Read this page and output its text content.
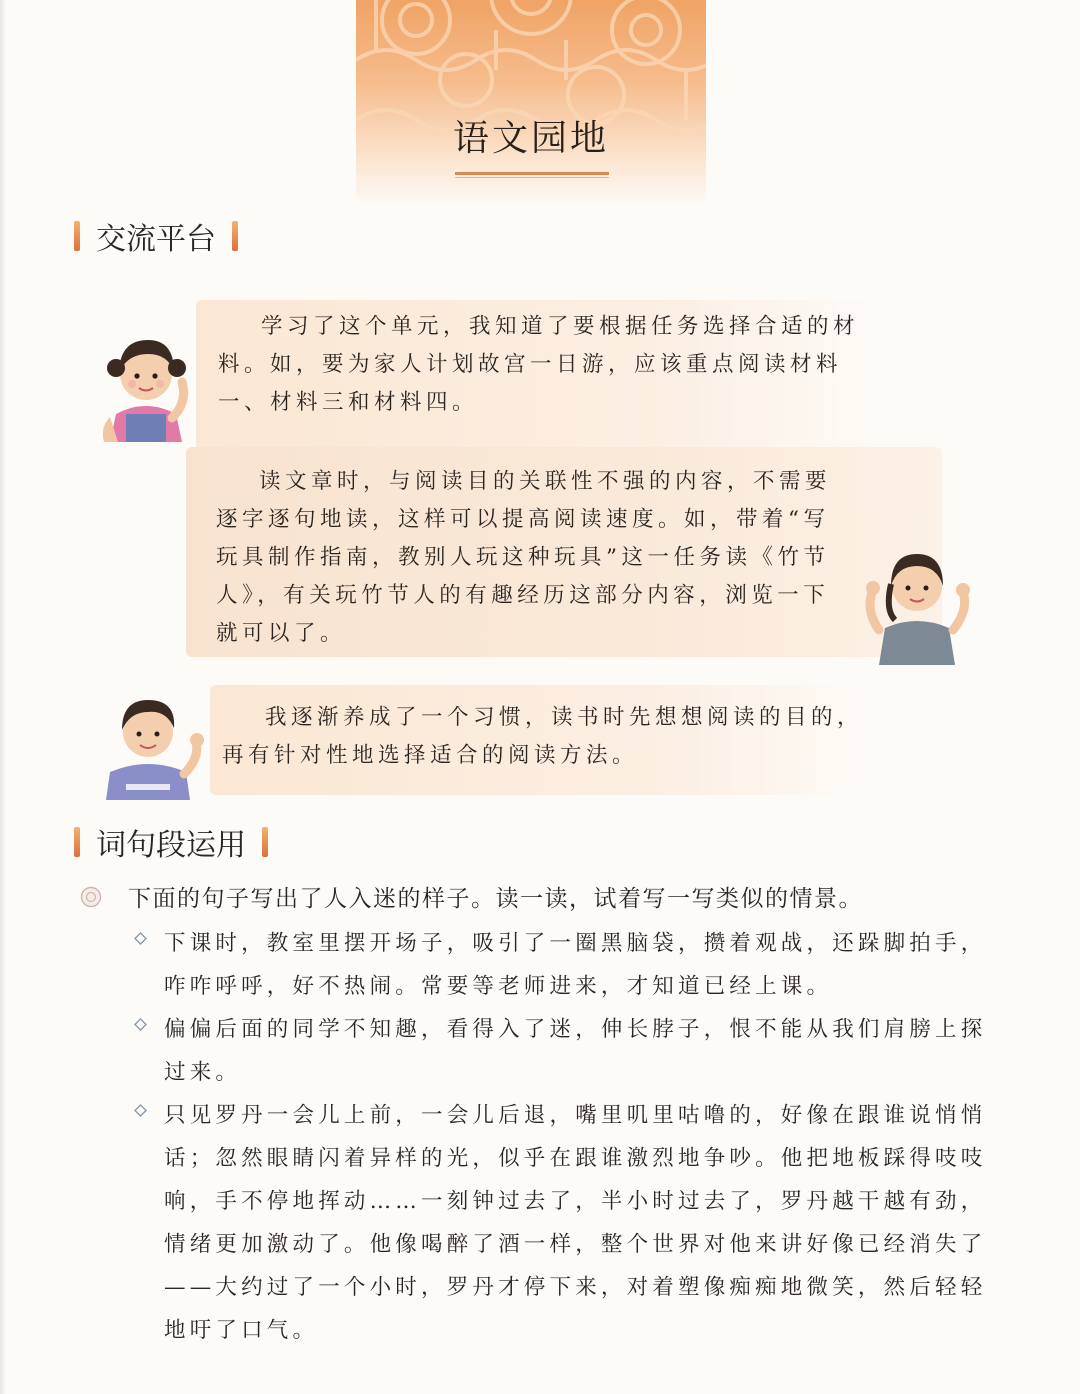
语文园地
交流平台

学习了这个单元，我知道了要根据任务选择合适的材料。如，要为家人计划故宫一日游，应该重点阅读材料一、材料三和材料四。

读文章时，与阅读目的关联性不强的内容，不需要逐字逐句地读，这样可以提高阅读速度。如，带着“写玩具制作指南，教别人玩这种玩具”这一任务读《竹节人》，有关玩竹节人的有趣经历这部分内容，浏览一下就可以了。

我逐渐养成了一个习惯，读书时先想想阅读的目的，再有针对性地选择适合的阅读方法。

词句段运用

下面的句子写出了人入迷的样子。读一读，试着写一写类似的情景。

下课时，教室里摆开场子，吸引了一圈黑脑袋，攒着观战，还跺脚拍手，咋咋呼呼，好不热闹。常要等老师进来，才知道已经上课。
偏偏后面的同学不知趣，看得入了迷，伸长脖子，恨不能从我们肩膀上探过来。
只见罗丹一会儿上前，一会儿后退，嘴里叽里咕噜的，好像在跟谁说悄悄话；忽然眼睛闪着异样的光，似乎在跟谁激烈地争吵。他把地板踩得吱吱响，手不停地挥动……一刻钟过去了，半小时过去了，罗丹越干越有劲，情绪更加激动了。他像喝醉了酒一样，整个世界对他来讲好像已经消失了——大约过了一个小时，罗丹才停下来，对着塑像痴痴地微笑，然后轻轻地吁了口气。
